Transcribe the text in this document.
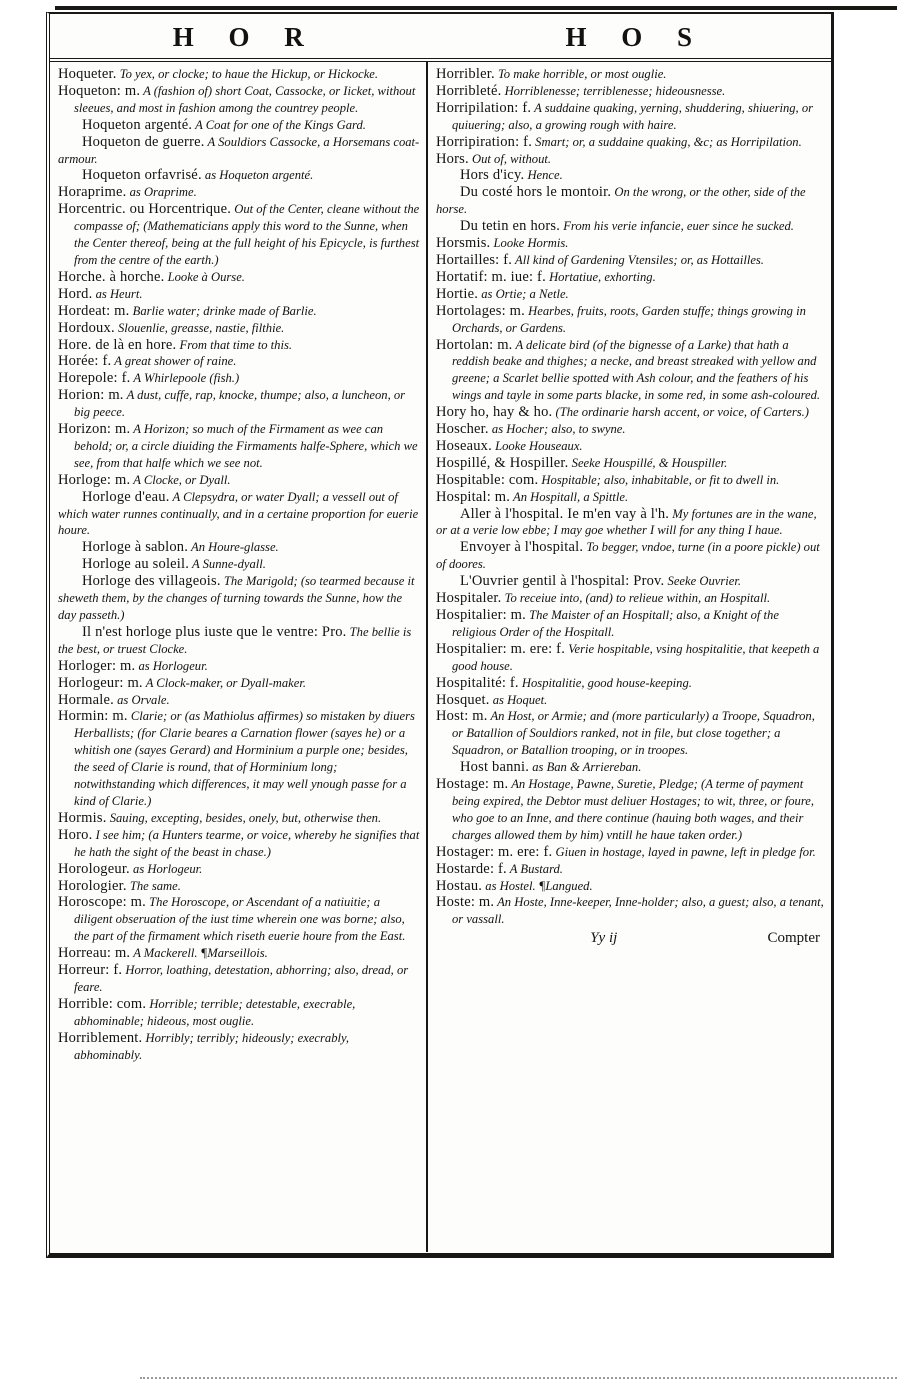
H O R	H O S

Hoqueter. To yex, or clocke; to haue the Hickup, or Hickocke.

Hoqueton: m. A (fashion of) short Coat, Cassocke, or Iicket, without sleeues, and most in fashion among the countrey people.

Hoqueton argenté. A Coat for one of the Kings Gard.

Hoqueton de guerre. A Souldiors Cassocke, a Horsemans coat-armour.

Hoqueton orfavrisé. as Hoqueton argenté.

Horaprime. as Oraprime.

Horcentric. ou Horcentrique. Out of the Center, cleane without the compasse of; (Mathematicians apply this word to the Sunne, when the Center thereof, being at the full height of his Epicycle, is furthest from the centre of the earth.)

Horche. à horche. Looke à Ourse.

Hord. as Heurt.

Hordeat: m. Barlie water; drinke made of Barlie.

Hordoux. Slouenlie, greasse, nastie, filthie.

Hore. de là en hore. From that time to this.

Horée: f. A great shower of raine.

Horepole: f. A Whirlepoole (fish.)

Horion: m. A dust, cuffe, rap, knocke, thumpe; also, a luncheon, or big peece.

Horizon: m. A Horizon; so much of the Firmament as wee can behold; or, a circle diuiding the Firmaments halfe-Sphere, which we see, from that halfe which we see not.

Horloge: m. A Clocke, or Dyall.

Horloge d'eau. A Clepsydra, or water Dyall; a vessell out of which water runnes continually, and in a certaine proportion for euerie houre.

Horloge à sablon. An Houre-glasse.

Horloge au soleil. A Sunne-dyall.

Horloge des villageois. The Marigold; (so tearmed because it sheweth them, by the changes of turning towards the Sunne, how the day passeth.)

Il n'est horloge plus iuste que le ventre: Pro. The bellie is the best, or truest Clocke.

Horloger: m. as Horlogeur.

Horlogeur: m. A Clock-maker, or Dyall-maker.

Hormale. as Orvale.

Hormin: m. Clarie; or (as Mathiolus affirmes) so mistaken by diuers Herballists; (for Clarie beares a Carnation flower (sayes he) or a whitish one (sayes Gerard) and Horminium a purple one; besides, the seed of Clarie is round, that of Horminium long; notwithstanding which differences, it may well ynough passe for a kind of Clarie.)

Hormis. Sauing, excepting, besides, onely, but, otherwise then.

Horo. I see him; (a Hunters tearme, or voice, whereby he signifies that he hath the sight of the beast in chase.)

Horologeur. as Horlogeur.

Horologier. The same.

Horoscope: m. The Horoscope, or Ascendant of a natiuitie; a diligent obseruation of the iust time wherein one was borne; also, the part of the firmament which riseth euerie houre from the East.

Horreau: m. A Mackerell. ¶Marseillois.

Horreur: f. Horror, loathing, detestation, abhorring; also, dread, or feare.

Horrible: com. Horrible; terrible; detestable, execrable, abhominable; hideous, most ouglie.

Horriblement. Horribly; terribly; hideously; execrably, abhominably.

Horribler. To make horrible, or most ouglie.

Horribleté. Horriblenesse; terriblenesse; hideousnesse.

Horripilation: f. A suddaine quaking, yerning, shuddering, shiuering, or quiuering; also, a growing rough with haire.

Horripiration: f. Smart; or, a suddaine quaking, &c; as Horripilation.

Hors. Out of, without.

Hors d'icy. Hence.

Du costé hors le montoir. On the wrong, or the other, side of the horse.

Du tetin en hors. From his verie infancie, euer since he sucked.

Horsmis. Looke Hormis.

Hortailles: f. All kind of Gardening Vtensiles; or, as Hottailles.

Hortatif: m. iue: f. Hortatiue, exhorting.

Hortie. as Ortie; a Netle.

Hortolages: m. Hearbes, fruits, roots, Garden stuffe; things growing in Orchards, or Gardens.

Hortolan: m. A delicate bird (of the bignesse of a Larke) that hath a reddish beake and thighes; a necke, and breast streaked with yellow and greene; a Scarlet bellie spotted with Ash colour, and the feathers of his wings and tayle in some parts blacke, in some red, in some ash-coloured.

Hory ho, hay & ho. (The ordinarie harsh accent, or voice, of Carters.)

Hoscher. as Hocher; also, to swyne.

Hoseaux. Looke Houseaux.

Hospillé, & Hospiller. Seeke Houspillé, & Houspiller.

Hospitable: com. Hospitable; also, inhabitable, or fit to dwell in.

Hospital: m. An Hospitall, a Spittle.

Aller à l'hospital. Ie m'en vay à l'h. My fortunes are in the wane, or at a verie low ebbe; I may goe whether I will for any thing I haue.

Envoyer à l'hospital. To begger, vndoe, turne (in a poore pickle) out of doores.

L'Ouvrier gentil à l'hospital: Prov. Seeke Ouvrier.

Hospitaler. To receiue into, (and) to relieue within, an Hospitall.

Hospitalier: m. The Maister of an Hospitall; also, a Knight of the religious Order of the Hospitall.

Hospitalier: m. ere: f. Verie hospitable, vsing hospitalitie, that keepeth a good house.

Hospitalité: f. Hospitalitie, good house-keeping.

Hosquet. as Hoquet.

Host: m. An Host, or Armie; and (more particularly) a Troope, Squadron, or Batallion of Souldiors ranked, not in file, but close together; a Squadron, or Batallion trooping, or in troopes.

Host banni. as Ban & Arriereban.

Hostage: m. An Hostage, Pawne, Suretie, Pledge; (A terme of payment being expired, the Debtor must deliuer Hostages; to wit, three, or foure, who goe to an Inne, and there continue (hauing both wages, and their charges allowed them by him) vntill he haue taken order.)

Hostager: m. ere: f. Giuen in hostage, layed in pawne, left in pledge for.

Hostarde: f. A Bustard.

Hostau. as Hostel. ¶Langued.

Hoste: m. An Hoste, Inne-keeper, Inne-holder; also, a guest; also, a tenant, or vassall.

Yy ij	Compter
